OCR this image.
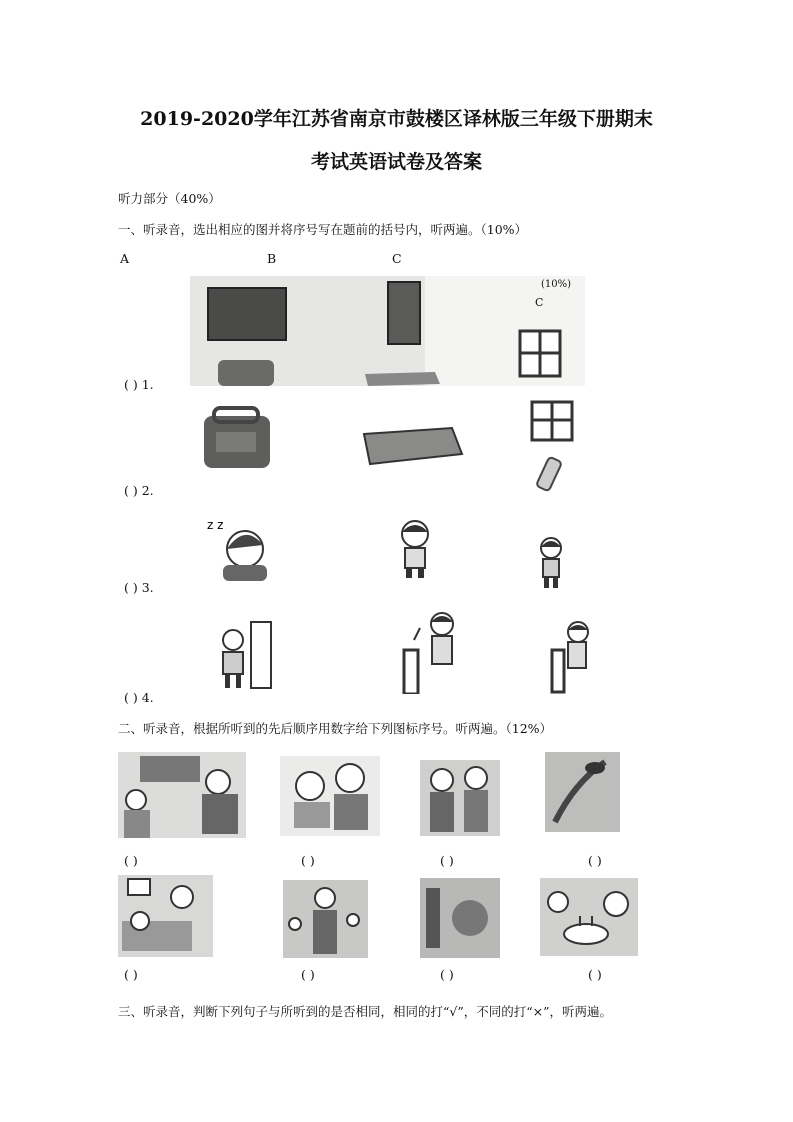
2019-2020学年江苏省南京市鼓楼区译林版三年级下册期末
考试英语试卷及答案
听力部分（40%）
一、听录音，选出相应的图并将序号写在题前的括号内，听两遍。（10%）
A	B	C
(10%)
C
( ) 1.
( ) 2.
z z
( ) 3.
( ) 4.
二、听录音，根据所听到的先后顺序用数字给下列图标序号。听两遍。（12%）
( )	( )	( )	( )
( )	( )	( )	( )
三、听录音，判断下列句子与所听到的是否相同，相同的打“√”，不同的打“×”，听两遍。
